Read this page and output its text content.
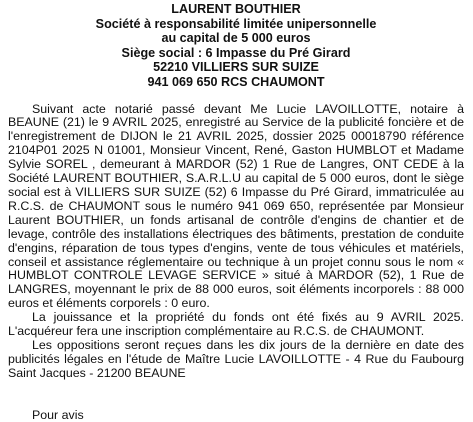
LAURENT BOUTHIER
Société à responsabilité limitée unipersonnelle
au capital de 5 000 euros
Siège social : 6 Impasse du Pré Girard
52210 VILLIERS SUR SUIZE
941 069 650 RCS CHAUMONT

Suivant acte notarié passé devant Me Lucie LAVOILLOTTE, notaire à BEAUNE (21) le 9 AVRIL 2025, enregistré au Service de la publicité foncière et de l'enregistrement de DIJON le 21 AVRIL 2025, dossier 2025 00018790 référence 2104P01 2025 N 01001, Monsieur Vincent, René, Gaston HUMBLOT et Madame Sylvie SOREL , demeurant à MARDOR (52) 1 Rue de Langres, ONT CEDE à la Société LAURENT BOUTHIER, S.A.R.L.U au capital de 5 000 euros, dont le siège social est à VILLIERS SUR SUIZE (52) 6 Impasse du Pré Girard, immatriculée au R.C.S. de CHAUMONT sous le numéro 941 069 650, représentée par Monsieur Laurent BOUTHIER, un fonds artisanal de contrôle d'engins de chantier et de levage, contrôle des installations électriques des bâtiments, prestation de conduite d'engins, réparation de tous types d'engins, vente de tous véhicules et matériels, conseil et assistance réglementaire ou technique à un projet connu sous le nom « HUMBLOT CONTROLE LEVAGE SERVICE » situé à MARDOR (52), 1 Rue de LANGRES, moyennant le prix de 88 000 euros, soit éléments incorporels : 88 000 euros et éléments corporels : 0 euro.

La jouissance et la propriété du fonds ont été fixés au 9 AVRIL 2025. L'acquéreur fera une inscription complémentaire au R.C.S. de CHAUMONT.

Les oppositions seront reçues dans les dix jours de la dernière en date des publicités légales en l'étude de Maître Lucie LAVOILLOTTE - 4 Rue du Faubourg Saint Jacques - 21200 BEAUNE

Pour avis
